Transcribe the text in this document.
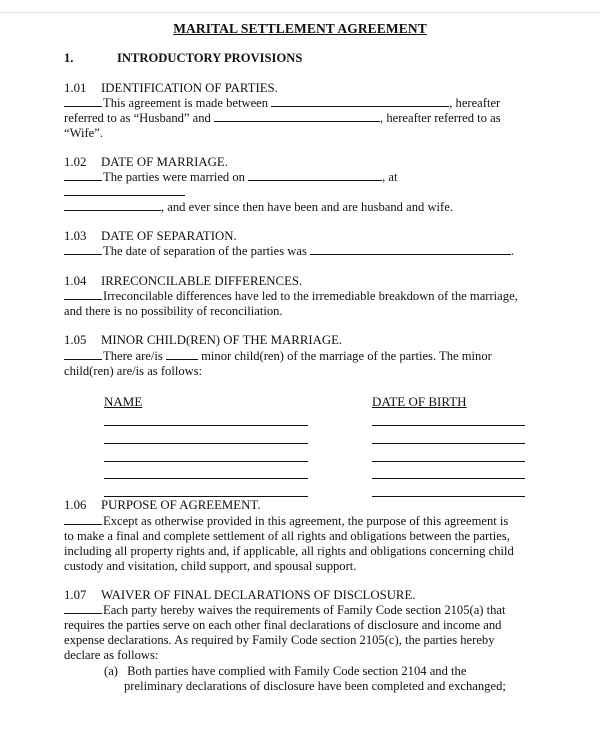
MARITAL SETTLEMENT AGREEMENT
1.	INTRODUCTORY PROVISIONS
1.01 IDENTIFICATION OF PARTIES.
This agreement is made between	, hereafter
referred to as “Husband” and	, hereafter referred to as
“Wife”.
1.02 DATE OF MARRIAGE.
The parties were married on	, at
, and ever since then have been and are husband and wife.
1.03 DATE OF SEPARATION.
The date of separation of the parties was	.
1.04 IRRECONCILABLE DIFFERENCES.
Irreconcilable differences have led to the irremediable breakdown of the marriage,
and there is no possibility of reconciliation.
1.05 MINOR CHILD(REN) OF THE MARRIAGE.
There are/is	minor child(ren) of the marriage of the parties. The minor
child(ren) are/is as follows:
NAME	DATE OF BIRTH
1.06 PURPOSE OF AGREEMENT.
Except as otherwise provided in this agreement, the purpose of this agreement is
to make a final and complete settlement of all rights and obligations between the parties,
including all property rights and, if applicable, all rights and obligations concerning child
custody and visitation, child support, and spousal support.
1.07 WAIVER OF FINAL DECLARATIONS OF DISCLOSURE.
Each party hereby waives the requirements of Family Code section 2105(a) that
requires the parties serve on each other final declarations of disclosure and income and
expense declarations. As required by Family Code section 2105(c), the parties hereby
declare as follows:
(a) Both parties have complied with Family Code section 2104 and the
preliminary declarations of disclosure have been completed and exchanged;
